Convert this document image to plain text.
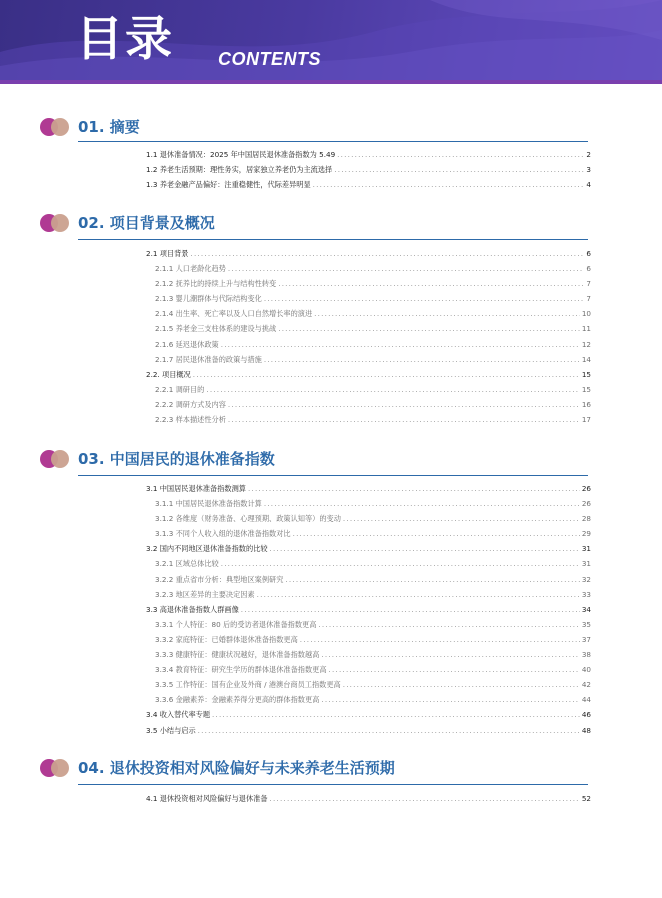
目录 CONTENTS
01. 摘要
1.1 退休准备情况：2025 年中国居民退休准备指数为 5.49 .....	2
1.2 养老生活预期：理性务实，居家独立养老仍为主流选择 .....	3
1.3 养老金融产品偏好：注重稳健性，代际差异明显 .....	4
02. 项目背景及概况
2.1 项目背景 .....	6
2.1.1 人口老龄化趋势 .....	6
2.1.2 抚养比的持续上升与结构性转变 .....	7
2.1.3 婴儿潮群体与代际结构变化 .....	7
2.1.4 出生率、死亡率以及人口自然增长率的演进 .....	10
2.1.5 养老金三支柱体系的建设与挑战 .....	11
2.1.6 延迟退休政策 .....	12
2.1.7 居民退休准备的政策与措施 .....	14
2.2. 项目概况 .....	15
2.2.1 调研目的 .....	15
2.2.2 调研方式及内容 .....	16
2.2.3 样本描述性分析 .....	17
03. 中国居民的退休准备指数
3.1 中国居民退休准备指数测算 .....	26
3.1.1 中国居民退休准备指数计算 .....	26
3.1.2 各维度（财务准备、心理预期、政策认知等）的变动 .....	28
3.1.3 不同个人收入组的退休准备指数对比 .....	29
3.2 国内不同地区退休准备指数的比较 .....	31
3.2.1 区域总体比较 .....	31
3.2.2 重点省市分析：典型地区案例研究 .....	32
3.2.3 地区差异的主要决定因素 .....	33
3.3 高退休准备指数人群画像 .....	34
3.3.1 个人特征：80 后的受访者退休准备指数更高 .....	35
3.3.2 家庭特征：已婚群体退休准备指数更高 .....	37
3.3.3 健康特征：健康状况越好，退休准备指数越高 .....	38
3.3.4 教育特征：研究生学历的群体退休准备指数更高 .....	40
3.3.5 工作特征：国有企业及外商 / 港澳台商员工指数更高 .....	42
3.3.6 金融素养：金融素养得分更高的群体指数更高 .....	44
3.4 收入替代率专题 .....	46
3.5 小结与启示 .....	48
04. 退休投资相对风险偏好与未来养老生活预期
4.1 退休投资相对风险偏好与退休准备 .....	52
